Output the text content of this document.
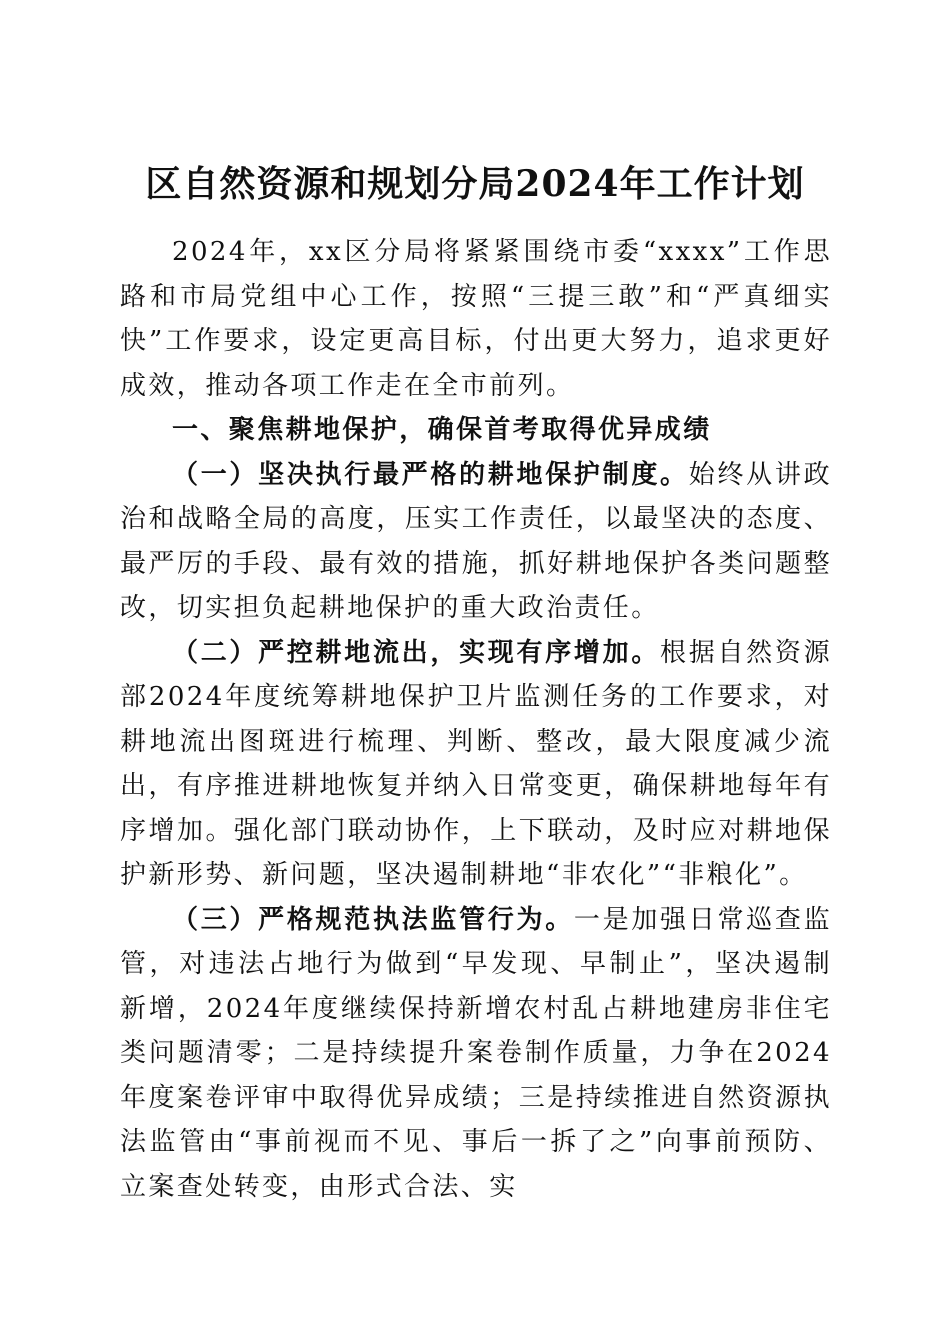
区自然资源和规划分局2024年工作计划

2024年，xx区分局将紧紧围绕市委“xxxx”工作思路和市局党组中心工作，按照“三提三敢”和“严真细实快”工作要求，设定更高目标，付出更大努力，追求更好成效，推动各项工作走在全市前列。

一、聚焦耕地保护，确保首考取得优异成绩

（一）坚决执行最严格的耕地保护制度。始终从讲政治和战略全局的高度，压实工作责任，以最坚决的态度、最严厉的手段、最有效的措施，抓好耕地保护各类问题整改，切实担负起耕地保护的重大政治责任。

（二）严控耕地流出，实现有序增加。根据自然资源部2024年度统筹耕地保护卫片监测任务的工作要求，对耕地流出图斑进行梳理、判断、整改，最大限度减少流出，有序推进耕地恢复并纳入日常变更，确保耕地每年有序增加。强化部门联动协作，上下联动，及时应对耕地保护新形势、新问题，坚决遏制耕地“非农化”“非粮化”。

（三）严格规范执法监管行为。一是加强日常巡查监管，对违法占地行为做到“早发现、早制止”，坚决遏制新增，2024年度继续保持新增农村乱占耕地建房非住宅类问题清零；二是持续提升案卷制作质量，力争在2024年度案卷评审中取得优异成绩；三是持续推进自然资源执法监管由“事前视而不见、事后一拆了之”向事前预防、立案查处转变，由形式合法、实
